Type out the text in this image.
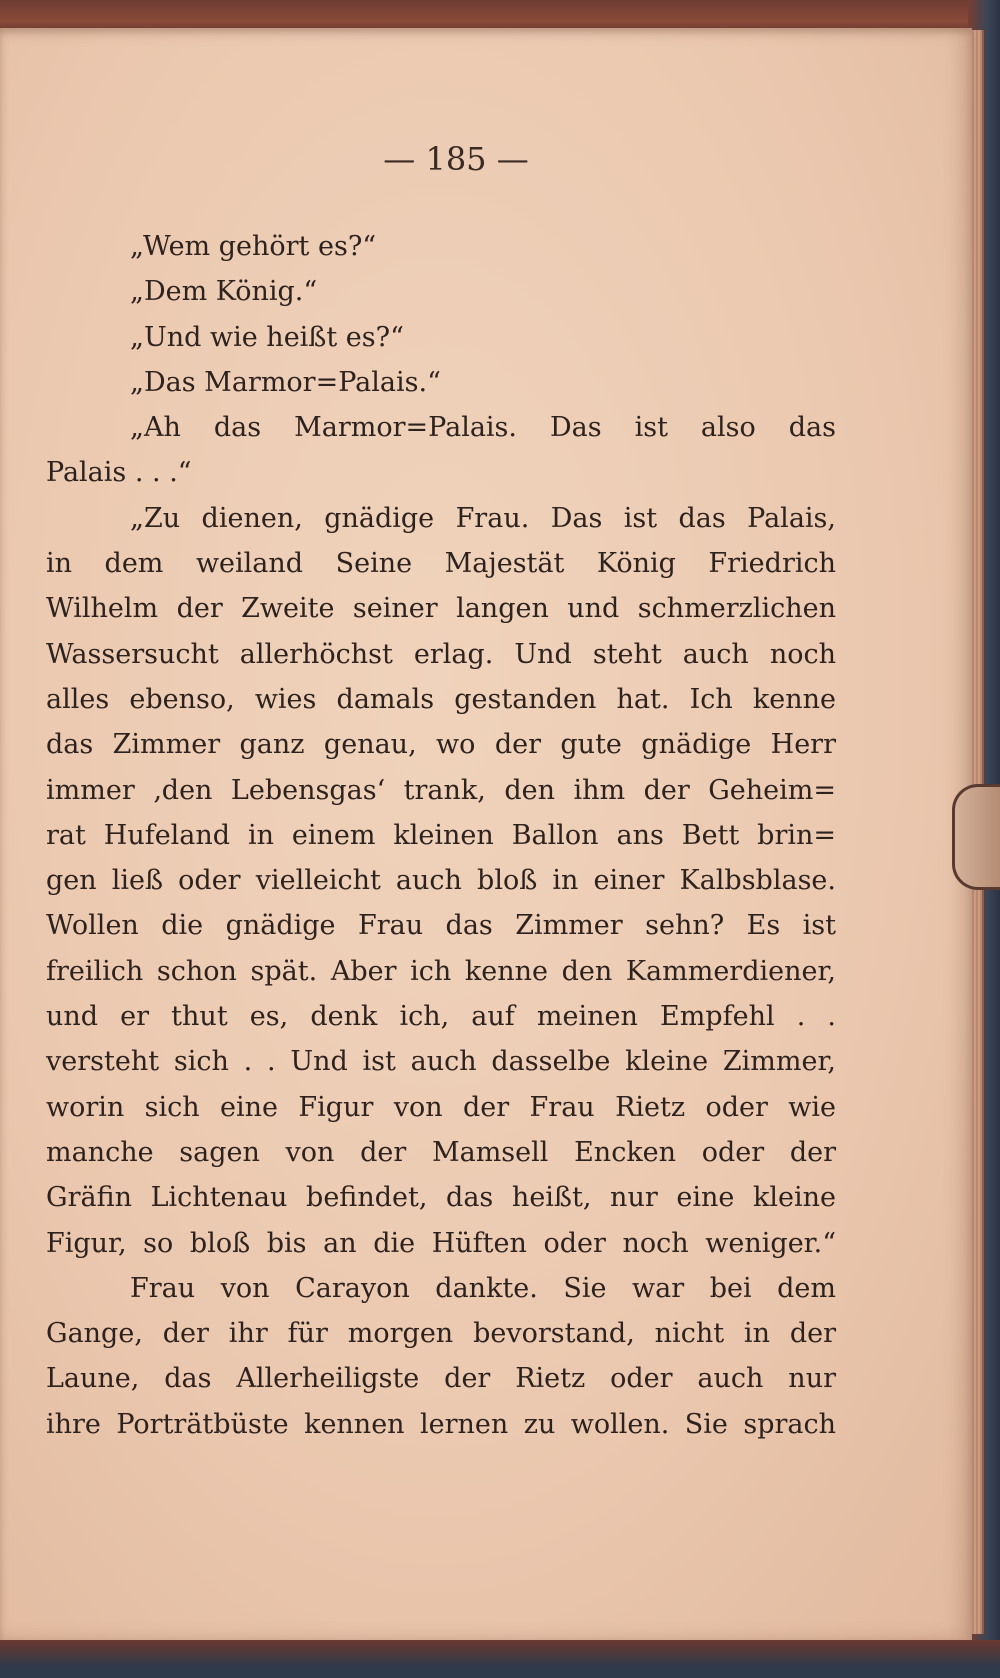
— 185 —
„Wem gehört es?“
„Dem König.“
„Und wie heißt es?“
„Das Marmor=Palais.“
„Ah das Marmor=Palais. Das ist also das
Palais . . .“
„Zu dienen, gnädige Frau. Das ist das Palais,
in dem weiland Seine Majestät König Friedrich
Wilhelm der Zweite seiner langen und schmerzlichen
Wassersucht allerhöchst erlag. Und steht auch noch
alles ebenso, wies damals gestanden hat. Ich kenne
das Zimmer ganz genau, wo der gute gnädige Herr
immer ‚den Lebensgas‘ trank, den ihm der Geheim=
rat Hufeland in einem kleinen Ballon ans Bett brin=
gen ließ oder vielleicht auch bloß in einer Kalbsblase.
Wollen die gnädige Frau das Zimmer sehn? Es ist
freilich schon spät. Aber ich kenne den Kammerdiener,
und er thut es, denk ich, auf meinen Empfehl . .
versteht sich . . Und ist auch dasselbe kleine Zimmer,
worin sich eine Figur von der Frau Rietz oder wie
manche sagen von der Mamsell Encken oder der
Gräfin Lichtenau befindet, das heißt, nur eine kleine
Figur, so bloß bis an die Hüften oder noch weniger.“
Frau von Carayon dankte. Sie war bei dem
Gange, der ihr für morgen bevorstand, nicht in der
Laune, das Allerheiligste der Rietz oder auch nur
ihre Porträtbüste kennen lernen zu wollen. Sie sprach
